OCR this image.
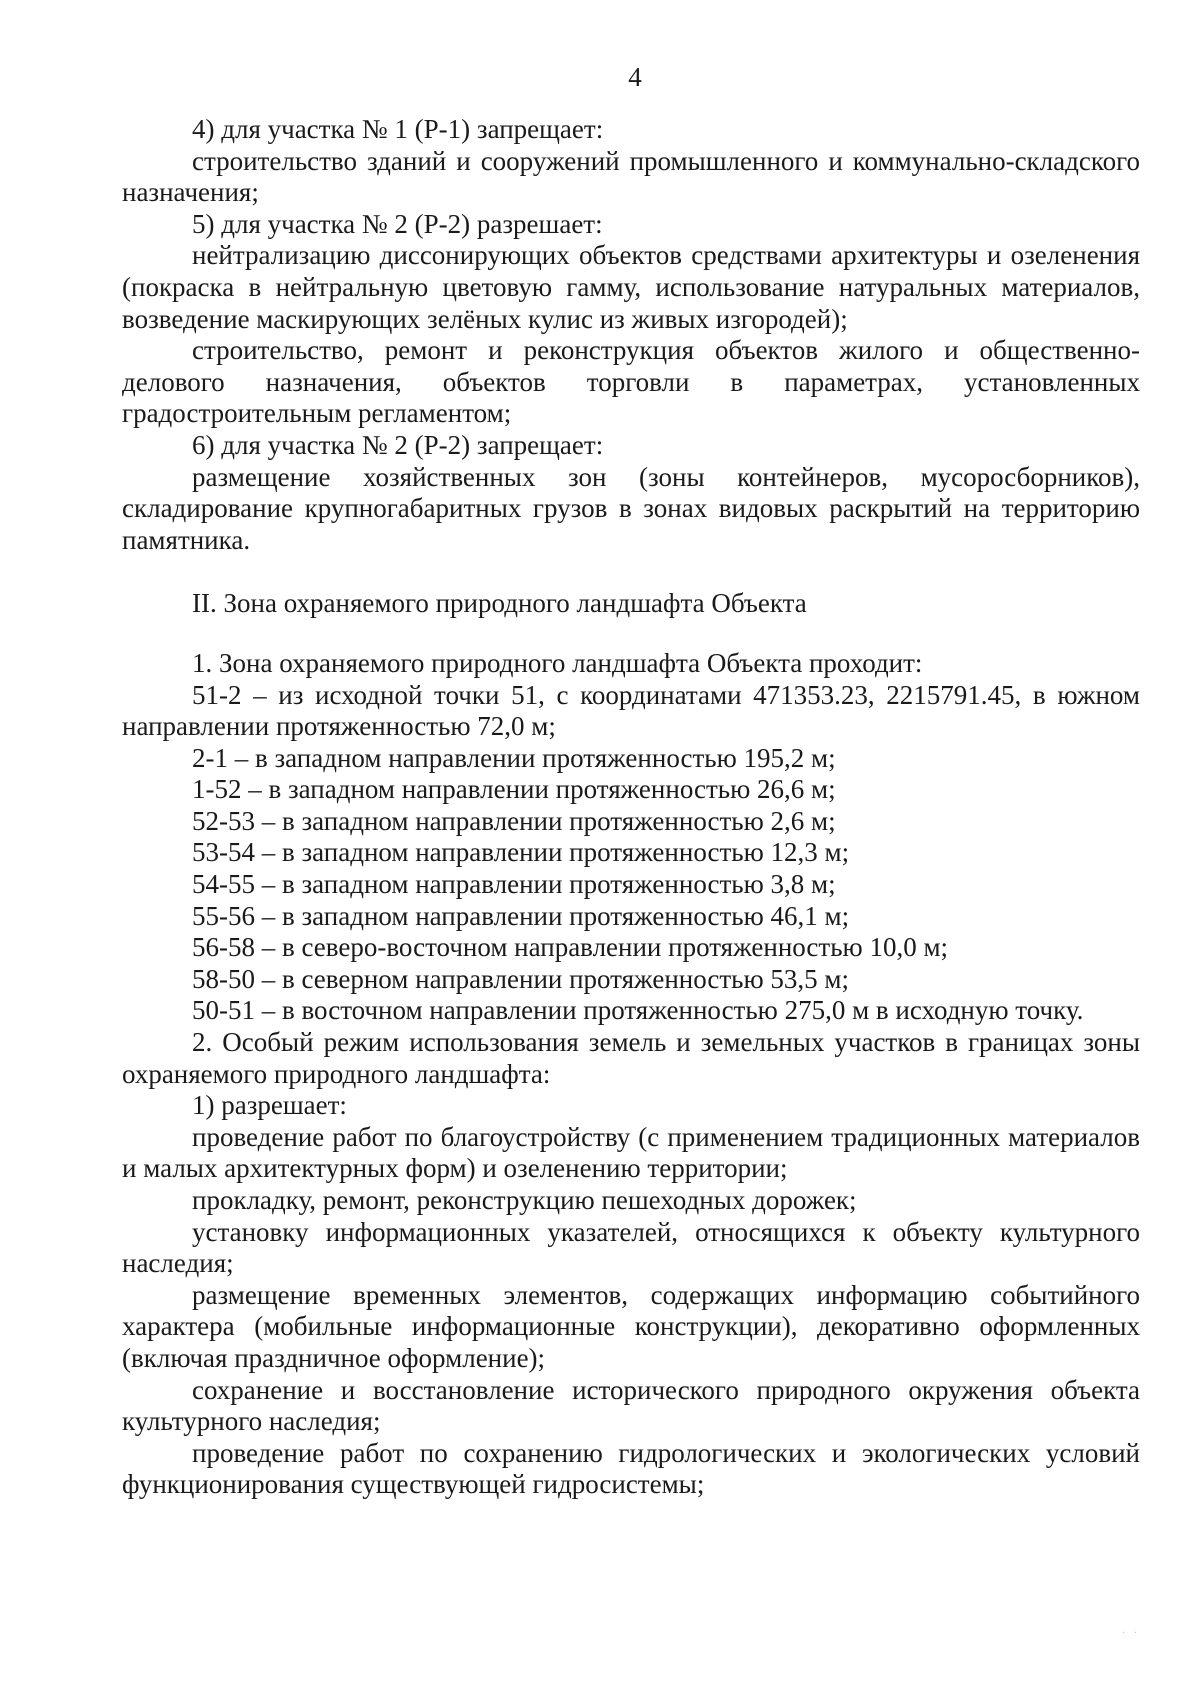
4

4) для участка № 1 (Р-1) запрещает:

строительство зданий и сооружений промышленного и коммунально-складского назначения;

5) для участка № 2 (Р-2) разрешает:

нейтрализацию диссонирующих объектов средствами архитектуры и озеленения (покраска в нейтральную цветовую гамму, использование натуральных материалов, возведение маскирующих зелёных кулис из живых изгородей);

строительство, ремонт и реконструкция объектов жилого и общественно-делового назначения, объектов торговли в параметрах, установленных градостроительным регламентом;

6) для участка № 2 (Р-2) запрещает:

размещение хозяйственных зон (зоны контейнеров, мусоросборников), складирование крупногабаритных грузов в зонах видовых раскрытий на территорию памятника.

II. Зона охраняемого природного ландшафта Объекта

1. Зона охраняемого природного ландшафта Объекта проходит:

51-2 – из исходной точки 51, с координатами 471353.23, 2215791.45, в южном направлении протяженностью 72,0 м;

2-1 – в западном направлении протяженностью 195,2 м;

1-52 – в западном направлении протяженностью 26,6 м;

52-53 – в западном направлении протяженностью 2,6 м;

53-54 – в западном направлении протяженностью 12,3 м;

54-55 – в западном направлении протяженностью 3,8 м;

55-56 – в западном направлении протяженностью 46,1 м;

56-58 – в северо-восточном направлении протяженностью 10,0 м;

58-50 – в северном направлении протяженностью 53,5 м;

50-51 – в восточном направлении протяженностью 275,0 м в исходную точку.

2. Особый режим использования земель и земельных участков в границах зоны охраняемого природного ландшафта:

1) разрешает:

проведение работ по благоустройству (с применением традиционных материалов и малых архитектурных форм) и озеленению территории;

прокладку, ремонт, реконструкцию пешеходных дорожек;

установку информационных указателей, относящихся к объекту культурного наследия;

размещение временных элементов, содержащих информацию событийного характера (мобильные информационные конструкции), декоративно оформленных (включая праздничное оформление);

сохранение и восстановление исторического природного окружения объекта культурного наследия;

проведение работ по сохранению гидрологических и экологических условий функционирования существующей гидросистемы;

· ·
